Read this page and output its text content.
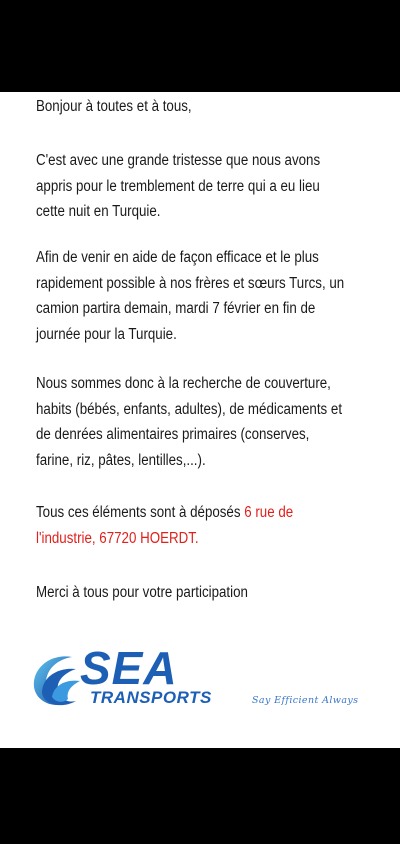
Bonjour à toutes et à tous,
C'est avec une grande tristesse que nous avons
appris pour le tremblement de terre qui a eu lieu
cette nuit en Turquie.
Afin de venir en aide de façon efficace et le plus
rapidement possible à nos frères et sœurs Turcs, un
camion partira demain, mardi 7 février en fin de
journée pour la Turquie.
Nous sommes donc à la recherche de couverture,
habits (bébés, enfants, adultes), de médicaments et
de denrées alimentaires primaires (conserves,
farine, riz, pâtes, lentilles,...).
Tous ces éléments sont à déposés 6 rue de
l'industrie, 67720 HOERDT.
Merci à tous pour votre participation
SEA
TRANSPORTS	Say Efficient Always
